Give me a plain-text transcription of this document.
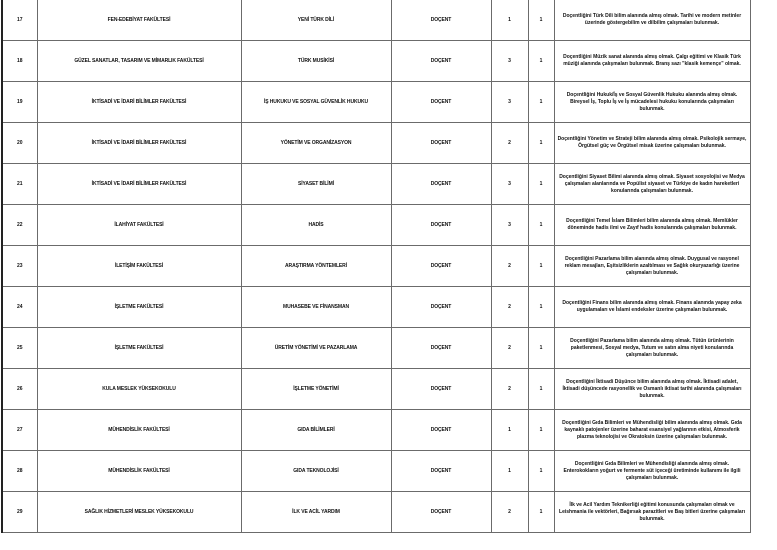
17	FEN-EDEBİYAT FAKÜLTESİ	YENİ TÜRK DİLİ	DOÇENT	1	1	Doçentliğini Türk Dili bilim alanında almış olmak. Tarihi ve modern metinler üzerinde göstergebilim ve dilbilim çalışmaları bulunmak.
18	GÜZEL SANATLAR, TASARIM VE MİMARLIK FAKÜLTESİ	TÜRK MUSİKİSİ	DOÇENT	3	1	Doçentliğini Müzik sanat alanında almış olmak. Çalgı eğitimi ve Klasik Türk müziği alanında çalışmaları bulunmak. Branş sazı "klasik kemençe" olmak.
19	İKTİSADİ VE İDARİ BİLİMLER FAKÜLTESİ	İŞ HUKUKU VE SOSYAL GÜVENLİK HUKUKU	DOÇENT	3	1	Doçentliğini Hukuk/İş ve Sosyal Güvenlik Hukuku alanında almış olmak. Bireysel İş, Toplu İş ve İş mücadelesi hukuku konularında çalışmaları bulunmak.
20	İKTİSADİ VE İDARİ BİLİMLER FAKÜLTESİ	YÖNETİM VE ORGANİZASYON	DOÇENT	2	1	Doçentliğini Yönetim ve Strateji bilim alanında almış olmak. Psikolojik sermaye, Örgütsel güç ve Örgütsel misak üzerine çalışmaları bulunmak.
21	İKTİSADİ VE İDARİ BİLİMLER FAKÜLTESİ	SİYASET BİLİMİ	DOÇENT	3	1	Doçentliğini Siyaset Bilimi alanında almış olmak. Siyaset sosyolojisi ve Medya çalışmaları alanlarında ve Popülist siyaset ve Türkiye de kadın hareketleri konularında çalışmaları bulunmak.
22	İLAHİYAT FAKÜLTESİ	HADİS	DOÇENT	3	1	Doçentliğini Temel İslam Bilimleri bilim alanında almış olmak. Memlükler döneminde hadis ilmi ve Zayıf hadis konularında çalışmaları bulunmak.
23	İLETİŞİM FAKÜLTESİ	ARAŞTIRMA YÖNTEMLERİ	DOÇENT	2	1	Doçentliğini Pazarlama bilim alanında almış olmak. Duygusal ve rasyonel reklam mesajları, Eşitsizliklerin azaltılması ve Sağlık okuryazarlığı üzerine çalışmaları bulunmak.
24	İŞLETME FAKÜLTESİ	MUHASEBE VE FİNANSMAN	DOÇENT	2	1	Doçentliğini Finans bilim alanında almış olmak. Finans alanında yapay zeka uygulamaları ve İslami endeksler üzerine çalışmaları bulunmak.
25	İŞLETME FAKÜLTESİ	ÜRETİM YÖNETİMİ VE PAZARLAMA	DOÇENT	2	1	Doçentliğini Pazarlama bilim alanında almış olmak. Tütün ürünlerinin paketlenmesi, Sosyal medya, Tutum ve satın alma niyeti konularında çalışmaları bulunmak.
26	KULA MESLEK YÜKSEKOKULU	İŞLETME YÖNETİMİ	DOÇENT	2	1	Doçentliğini İktisadi Düşünce bilim alanında almış olmak. İktisadi adalet, İktisadi düşüncede rasyonellik ve Osmanlı iktisat tarihi alanında çalışmaları bulunmak.
27	MÜHENDİSLİK FAKÜLTESİ	GIDA BİLİMLERİ	DOÇENT	1	1	Doçentliğini Gıda Bilimleri ve Mühendisliği bilim alanında almış olmak. Gıda kaynaklı patojenler üzerine baharat esansiyel yağlarının etkisi, Atmosferik plazma teknolojisi ve Okratoksin üzerine çalışmaları bulunmak.
28	MÜHENDİSLİK FAKÜLTESİ	GIDA TEKNOLOJİSİ	DOÇENT	1	1	Doçentliğini Gıda Bilimleri ve Mühendisliği alanında almış olmak. Enterokokların yoğurt ve fermente süt içeceği üretiminde kullanımı ile ilgili çalışmaları bulunmak.
29	SAĞLIK HİZMETLERİ MESLEK YÜKSEKOKULU	İLK VE ACİL YARDIM	DOÇENT	2	1	İlk ve Acil Yardım Teknikerliği eğitimi konusunda çalışmaları olmak ve Leishmania ile vektörleri, Bağırsak parazitleri ve Baş bitleri üzerine çalışmaları bulunmak.
